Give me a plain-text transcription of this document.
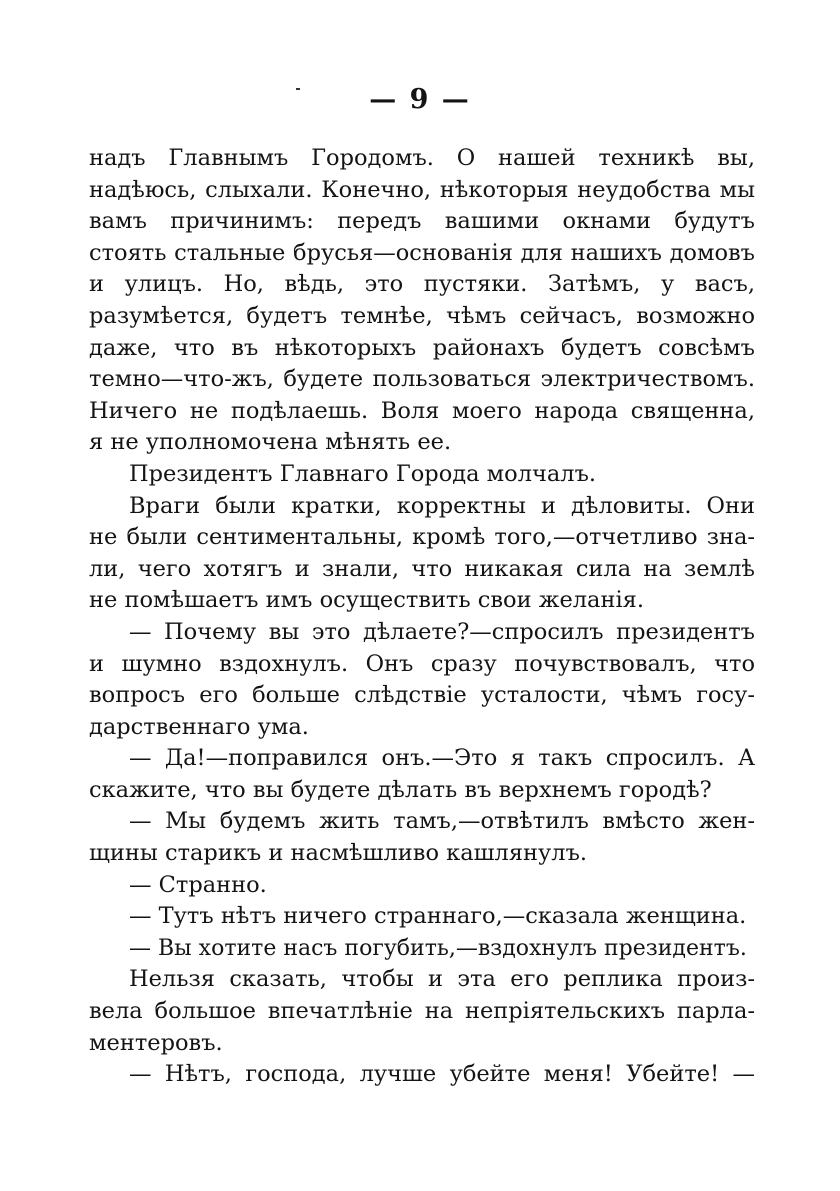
— 9 —
надъ Главнымъ Городомъ. О нашей техникѣ вы,
надѣюсь, слыхали. Конечно, нѣкоторыя неудобства мы
вамъ причинимъ: передъ вашими окнами будутъ
стоять стальные брусья—основанія для нашихъ домовъ
и улицъ. Но, вѣдь, это пустяки. Затѣмъ, у васъ,
разумѣется, будетъ темнѣе, чѣмъ сейчасъ, возможно
даже, что въ нѣкоторыхъ районахъ будетъ совсѣмъ
темно—что-жъ, будете пользоваться электричествомъ.
Ничего не подѣлаешь. Воля моего народа священна,
я не уполномочена мѣнять ее.
Президентъ Главнаго Города молчалъ.
Враги были кратки, корректны и дѣловиты. Они
не были сентиментальны, кромѣ того,—отчетливо зна-
ли, чего хотягъ и знали, что никакая сила на землѣ
не помѣшаетъ имъ осуществить свои желанія.
— Почему вы это дѣлаете?—спросилъ президентъ
и шумно вздохнулъ. Онъ сразу почувствовалъ, что
вопросъ его больше слѣдствіе усталости, чѣмъ госу-
дарственнаго ума.
— Да!—поправился онъ.—Это я такъ спросилъ. А
скажите, что вы будете дѣлать въ верхнемъ городѣ?
— Мы будемъ жить тамъ,—отвѣтилъ вмѣсто жен-
щины старикъ и насмѣшливо кашлянулъ.
— Странно.
— Тутъ нѣтъ ничего страннаго,—сказала женщина.
— Вы хотите насъ погубить,—вздохнулъ президентъ.
Нельзя сказать, чтобы и эта его реплика произ-
вела большое впечатлѣніе на непріятельскихъ парла-
ментеровъ.
— Нѣтъ, господа, лучше убейте меня! Убейте! —
